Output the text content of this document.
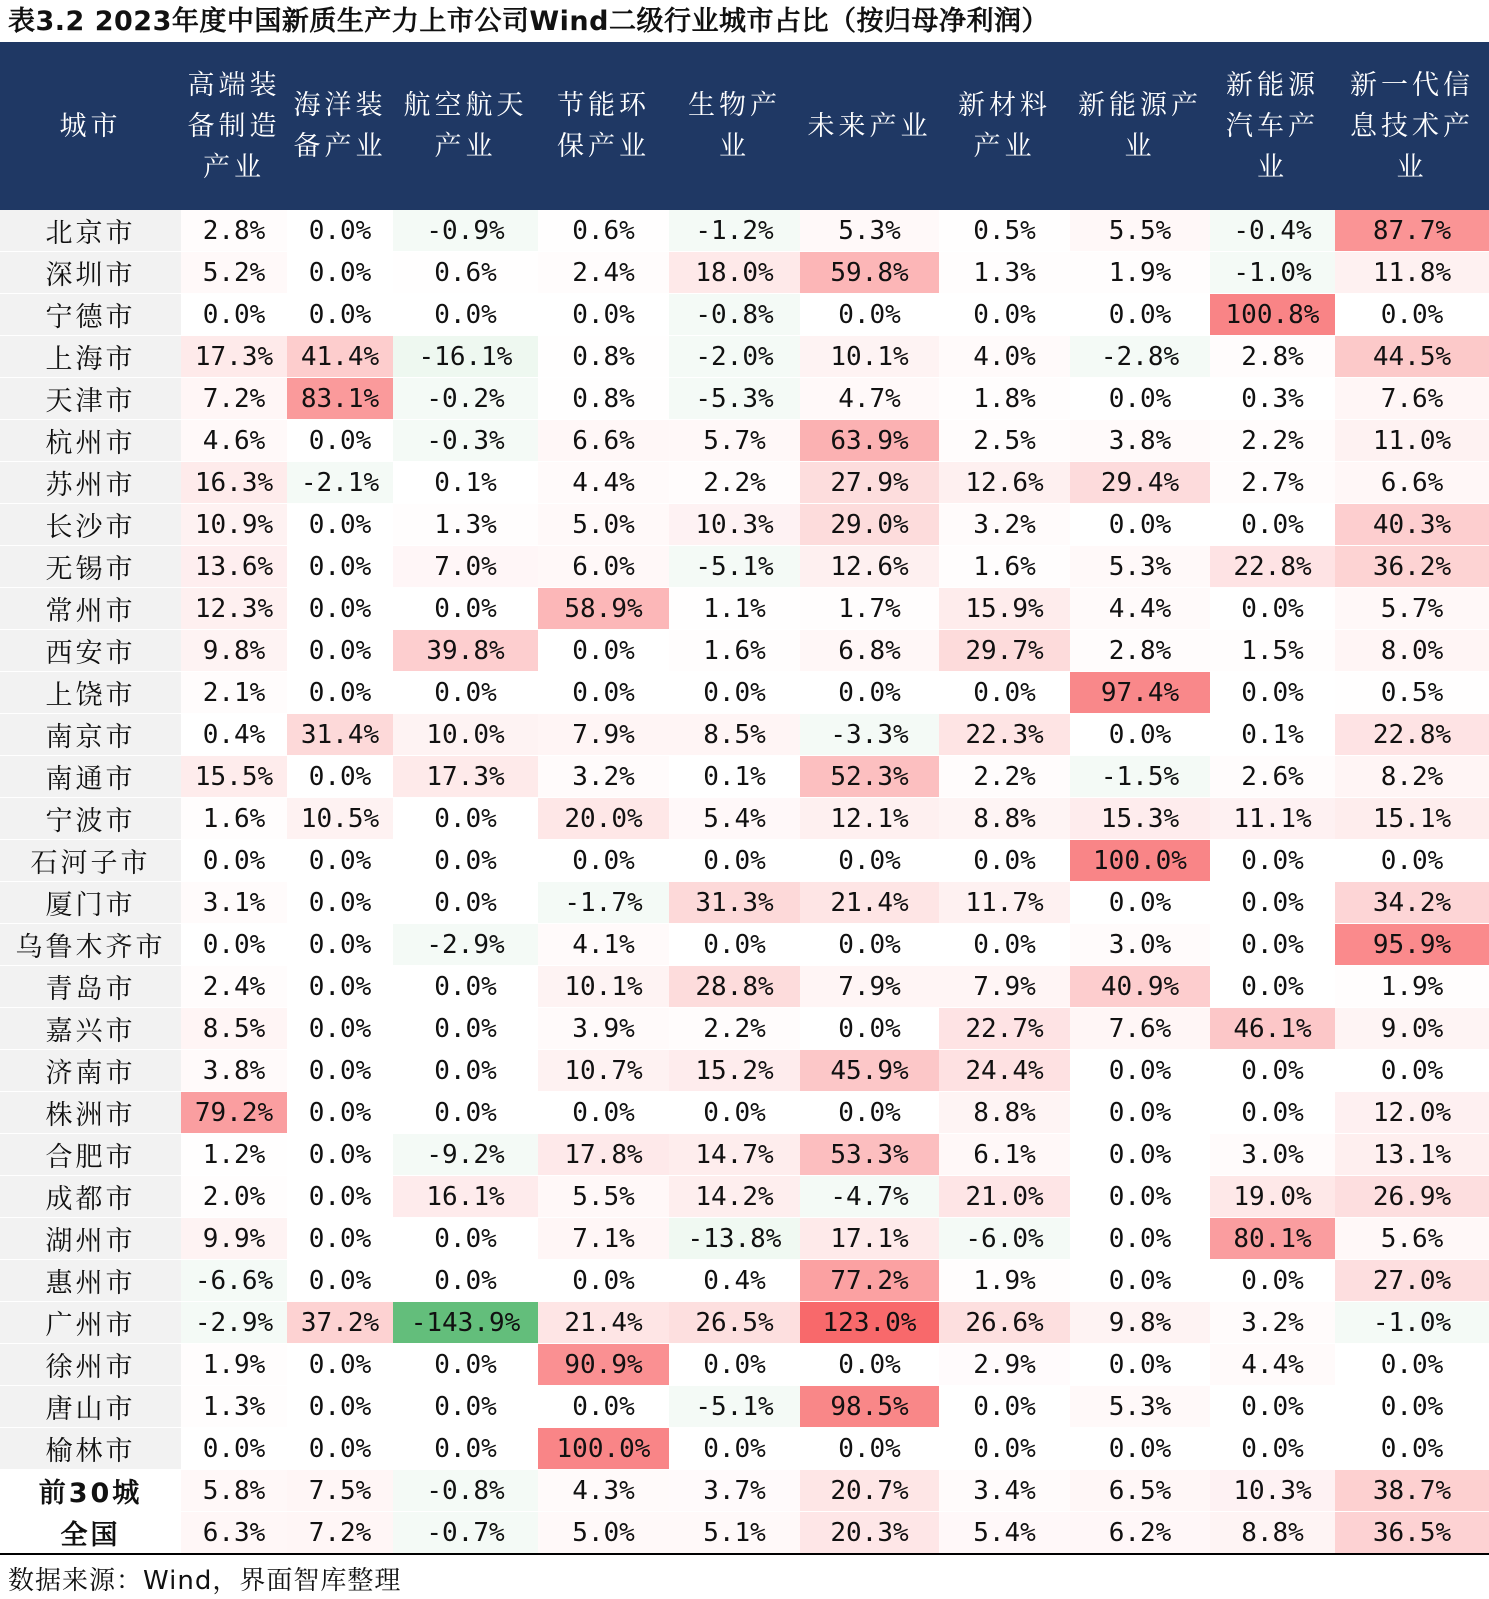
表3.2 2023年度中国新质生产力上市公司Wind二级行业城市占比（按归母净利润）
城市	高端装备制造产业	海洋装备产业	航空航天产业	节能环保产业	生物产业	未来产业	新材料产业	新能源产业	新能源汽车产业	新一代信息技术产业
北京市	2.8%	0.0%	-0.9%	0.6%	-1.2%	5.3%	0.5%	5.5%	-0.4%	87.7%
深圳市	5.2%	0.0%	0.6%	2.4%	18.0%	59.8%	1.3%	1.9%	-1.0%	11.8%
宁德市	0.0%	0.0%	0.0%	0.0%	-0.8%	0.0%	0.0%	0.0%	100.8%	0.0%
上海市	17.3%	41.4%	-16.1%	0.8%	-2.0%	10.1%	4.0%	-2.8%	2.8%	44.5%
天津市	7.2%	83.1%	-0.2%	0.8%	-5.3%	4.7%	1.8%	0.0%	0.3%	7.6%
杭州市	4.6%	0.0%	-0.3%	6.6%	5.7%	63.9%	2.5%	3.8%	2.2%	11.0%
苏州市	16.3%	-2.1%	0.1%	4.4%	2.2%	27.9%	12.6%	29.4%	2.7%	6.6%
长沙市	10.9%	0.0%	1.3%	5.0%	10.3%	29.0%	3.2%	0.0%	0.0%	40.3%
无锡市	13.6%	0.0%	7.0%	6.0%	-5.1%	12.6%	1.6%	5.3%	22.8%	36.2%
常州市	12.3%	0.0%	0.0%	58.9%	1.1%	1.7%	15.9%	4.4%	0.0%	5.7%
西安市	9.8%	0.0%	39.8%	0.0%	1.6%	6.8%	29.7%	2.8%	1.5%	8.0%
上饶市	2.1%	0.0%	0.0%	0.0%	0.0%	0.0%	0.0%	97.4%	0.0%	0.5%
南京市	0.4%	31.4%	10.0%	7.9%	8.5%	-3.3%	22.3%	0.0%	0.1%	22.8%
南通市	15.5%	0.0%	17.3%	3.2%	0.1%	52.3%	2.2%	-1.5%	2.6%	8.2%
宁波市	1.6%	10.5%	0.0%	20.0%	5.4%	12.1%	8.8%	15.3%	11.1%	15.1%
石河子市	0.0%	0.0%	0.0%	0.0%	0.0%	0.0%	0.0%	100.0%	0.0%	0.0%
厦门市	3.1%	0.0%	0.0%	-1.7%	31.3%	21.4%	11.7%	0.0%	0.0%	34.2%
乌鲁木齐市	0.0%	0.0%	-2.9%	4.1%	0.0%	0.0%	0.0%	3.0%	0.0%	95.9%
青岛市	2.4%	0.0%	0.0%	10.1%	28.8%	7.9%	7.9%	40.9%	0.0%	1.9%
嘉兴市	8.5%	0.0%	0.0%	3.9%	2.2%	0.0%	22.7%	7.6%	46.1%	9.0%
济南市	3.8%	0.0%	0.0%	10.7%	15.2%	45.9%	24.4%	0.0%	0.0%	0.0%
株洲市	79.2%	0.0%	0.0%	0.0%	0.0%	0.0%	8.8%	0.0%	0.0%	12.0%
合肥市	1.2%	0.0%	-9.2%	17.8%	14.7%	53.3%	6.1%	0.0%	3.0%	13.1%
成都市	2.0%	0.0%	16.1%	5.5%	14.2%	-4.7%	21.0%	0.0%	19.0%	26.9%
湖州市	9.9%	0.0%	0.0%	7.1%	-13.8%	17.1%	-6.0%	0.0%	80.1%	5.6%
惠州市	-6.6%	0.0%	0.0%	0.0%	0.4%	77.2%	1.9%	0.0%	0.0%	27.0%
广州市	-2.9%	37.2%	-143.9%	21.4%	26.5%	123.0%	26.6%	9.8%	3.2%	-1.0%
徐州市	1.9%	0.0%	0.0%	90.9%	0.0%	0.0%	2.9%	0.0%	4.4%	0.0%
唐山市	1.3%	0.0%	0.0%	0.0%	-5.1%	98.5%	0.0%	5.3%	0.0%	0.0%
榆林市	0.0%	0.0%	0.0%	100.0%	0.0%	0.0%	0.0%	0.0%	0.0%	0.0%
前30城	5.8%	7.5%	-0.8%	4.3%	3.7%	20.7%	3.4%	6.5%	10.3%	38.7%
全国	6.3%	7.2%	-0.7%	5.0%	5.1%	20.3%	5.4%	6.2%	8.8%	36.5%
数据来源：Wind，界面智库整理
